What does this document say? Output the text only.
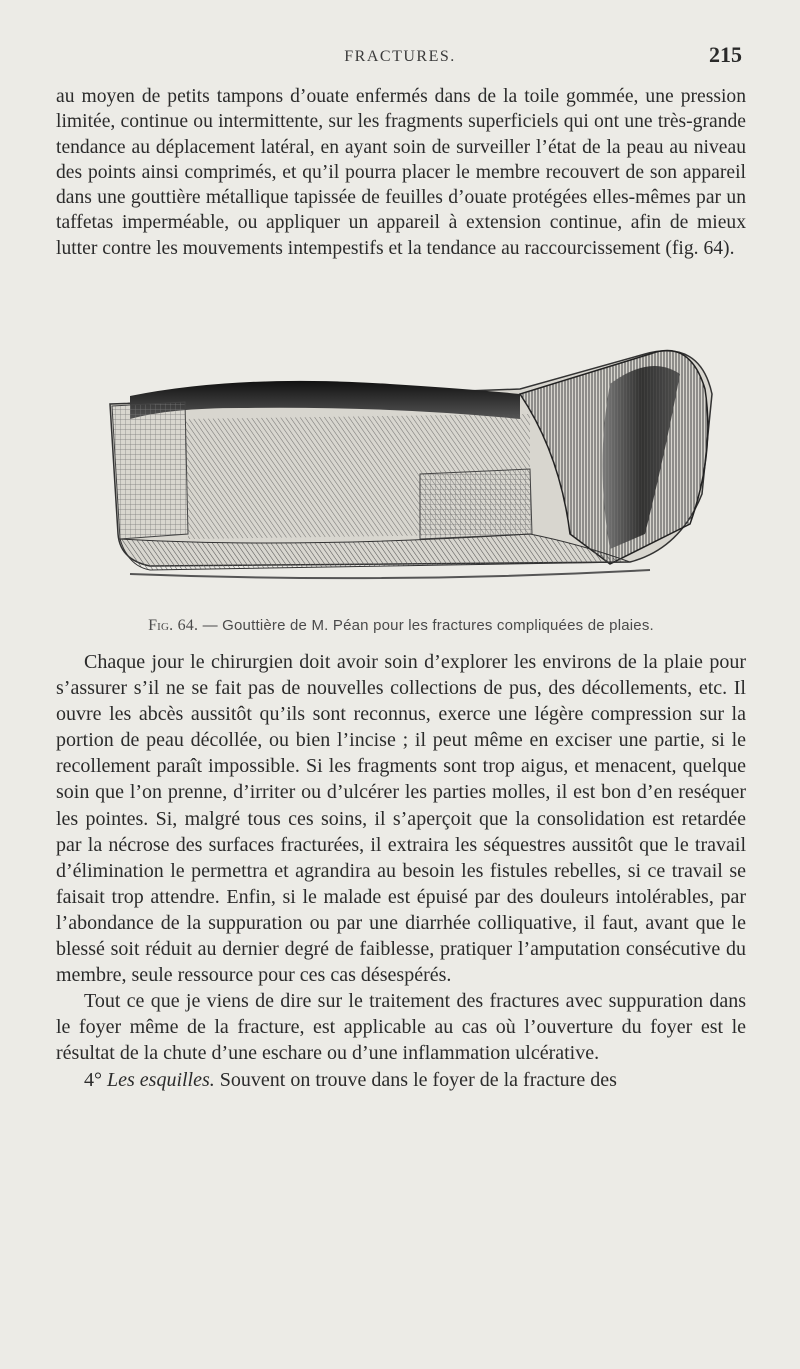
FRACTURES.	215

au moyen de petits tampons d’ouate enfermés dans de la toile gommée, une pression limitée, continue ou intermittente, sur les fragments superficiels qui ont une très-grande tendance au déplacement latéral, en ayant soin de surveiller l’état de la peau au niveau des points ainsi comprimés, et qu’il pourra placer le membre recouvert de son appareil dans une gouttière métallique tapissée de feuilles d’ouate protégées elles-mêmes par un taffetas imperméable, ou appliquer un appareil à extension continue, afin de mieux lutter contre les mouvements intempestifs et la tendance au raccourcissement (fig. 64).

Fig. 64. — Gouttière de M. Péan pour les fractures compliquées de plaies.

Chaque jour le chirurgien doit avoir soin d’explorer les environs de la plaie pour s’assurer s’il ne se fait pas de nouvelles collections de pus, des décollements, etc. Il ouvre les abcès aussitôt qu’ils sont reconnus, exerce une légère compression sur la portion de peau décollée, ou bien l’incise ; il peut même en exciser une partie, si le recollement paraît impossible. Si les fragments sont trop aigus, et menacent, quelque soin que l’on prenne, d’irriter ou d’ulcérer les parties molles, il est bon d’en reséquer les pointes. Si, malgré tous ces soins, il s’aperçoit que la consolidation est retardée par la nécrose des surfaces fracturées, il extraira les séquestres aussitôt que le travail d’élimination le permettra et agrandira au besoin les fistules rebelles, si ce travail se faisait trop attendre. Enfin, si le malade est épuisé par des douleurs intolérables, par l’abondance de la suppuration ou par une diarrhée colliquative, il faut, avant que le blessé soit réduit au dernier degré de faiblesse, pratiquer l’amputation consécutive du membre, seule ressource pour ces cas désespérés.

Tout ce que je viens de dire sur le traitement des fractures avec suppuration dans le foyer même de la fracture, est applicable au cas où l’ouverture du foyer est le résultat de la chute d’une eschare ou d’une inflammation ulcérative.

4° Les esquilles. Souvent on trouve dans le foyer de la fracture des
